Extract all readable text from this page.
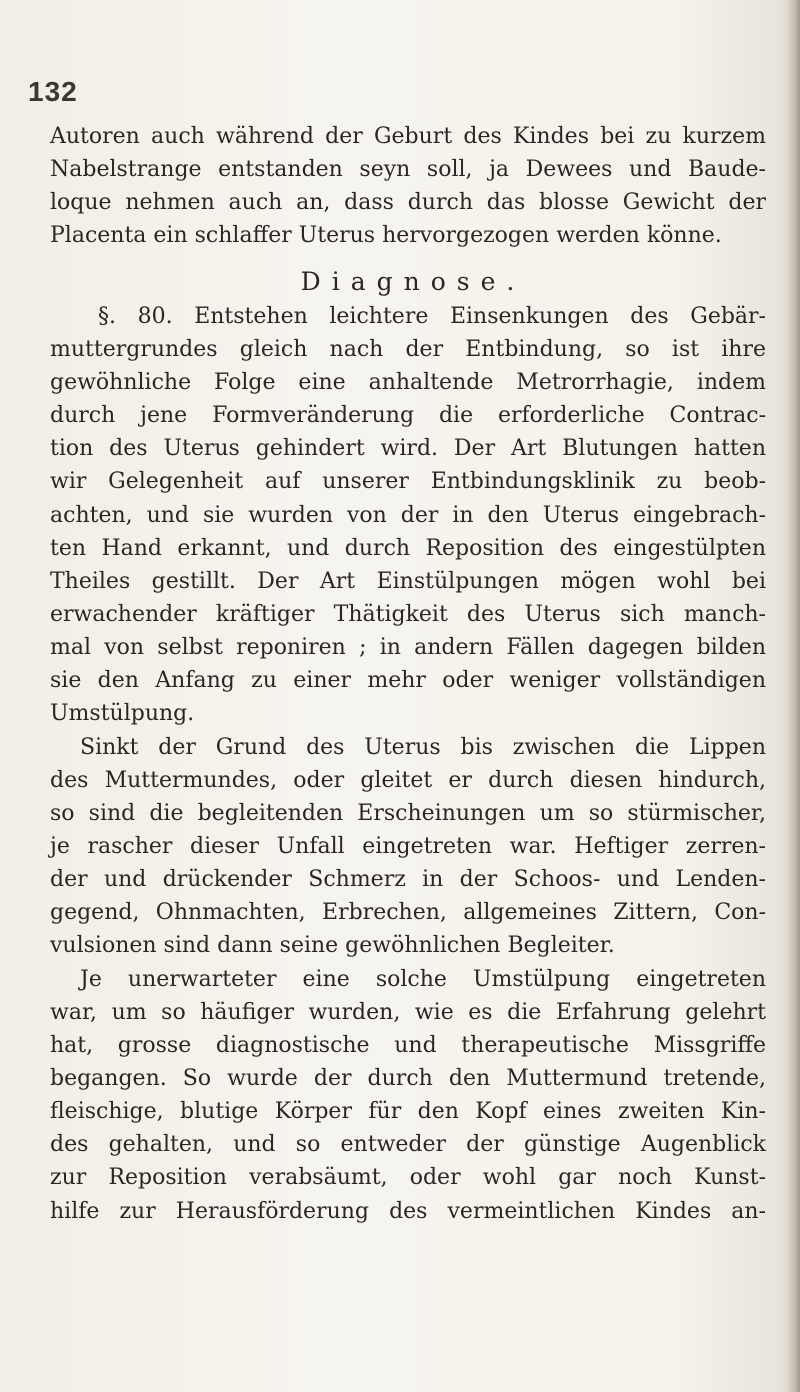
132
Autoren auch während der Geburt des Kindes bei zu kurzem
Nabelstrange entstanden seyn soll, ja Dewees und Baude-
loque nehmen auch an, dass durch das blosse Gewicht der
Placenta ein schlaffer Uterus hervorgezogen werden könne.
Diagnose.
§. 80. Entstehen leichtere Einsenkungen des Gebär-
muttergrundes gleich nach der Entbindung, so ist ihre
gewöhnliche Folge eine anhaltende Metrorrhagie, indem
durch jene Formveränderung die erforderliche Contrac-
tion des Uterus gehindert wird. Der Art Blutungen hatten
wir Gelegenheit auf unserer Entbindungsklinik zu beob-
achten, und sie wurden von der in den Uterus eingebrach-
ten Hand erkannt, und durch Reposition des eingestülpten
Theiles gestillt. Der Art Einstülpungen mögen wohl bei
erwachender kräftiger Thätigkeit des Uterus sich manch-
mal von selbst reponiren ; in andern Fällen dagegen bilden
sie den Anfang zu einer mehr oder weniger vollständigen
Umstülpung.
Sinkt der Grund des Uterus bis zwischen die Lippen
des Muttermundes, oder gleitet er durch diesen hindurch,
so sind die begleitenden Erscheinungen um so stürmischer,
je rascher dieser Unfall eingetreten war. Heftiger zerren-
der und drückender Schmerz in der Schoos- und Lenden-
gegend, Ohnmachten, Erbrechen, allgemeines Zittern, Con-
vulsionen sind dann seine gewöhnlichen Begleiter.
Je unerwarteter eine solche Umstülpung eingetreten
war, um so häufiger wurden, wie es die Erfahrung gelehrt
hat, grosse diagnostische und therapeutische Missgriffe
begangen. So wurde der durch den Muttermund tretende,
fleischige, blutige Körper für den Kopf eines zweiten Kin-
des gehalten, und so entweder der günstige Augenblick
zur Reposition verabsäumt, oder wohl gar noch Kunst-
hilfe zur Herausförderung des vermeintlichen Kindes an-
